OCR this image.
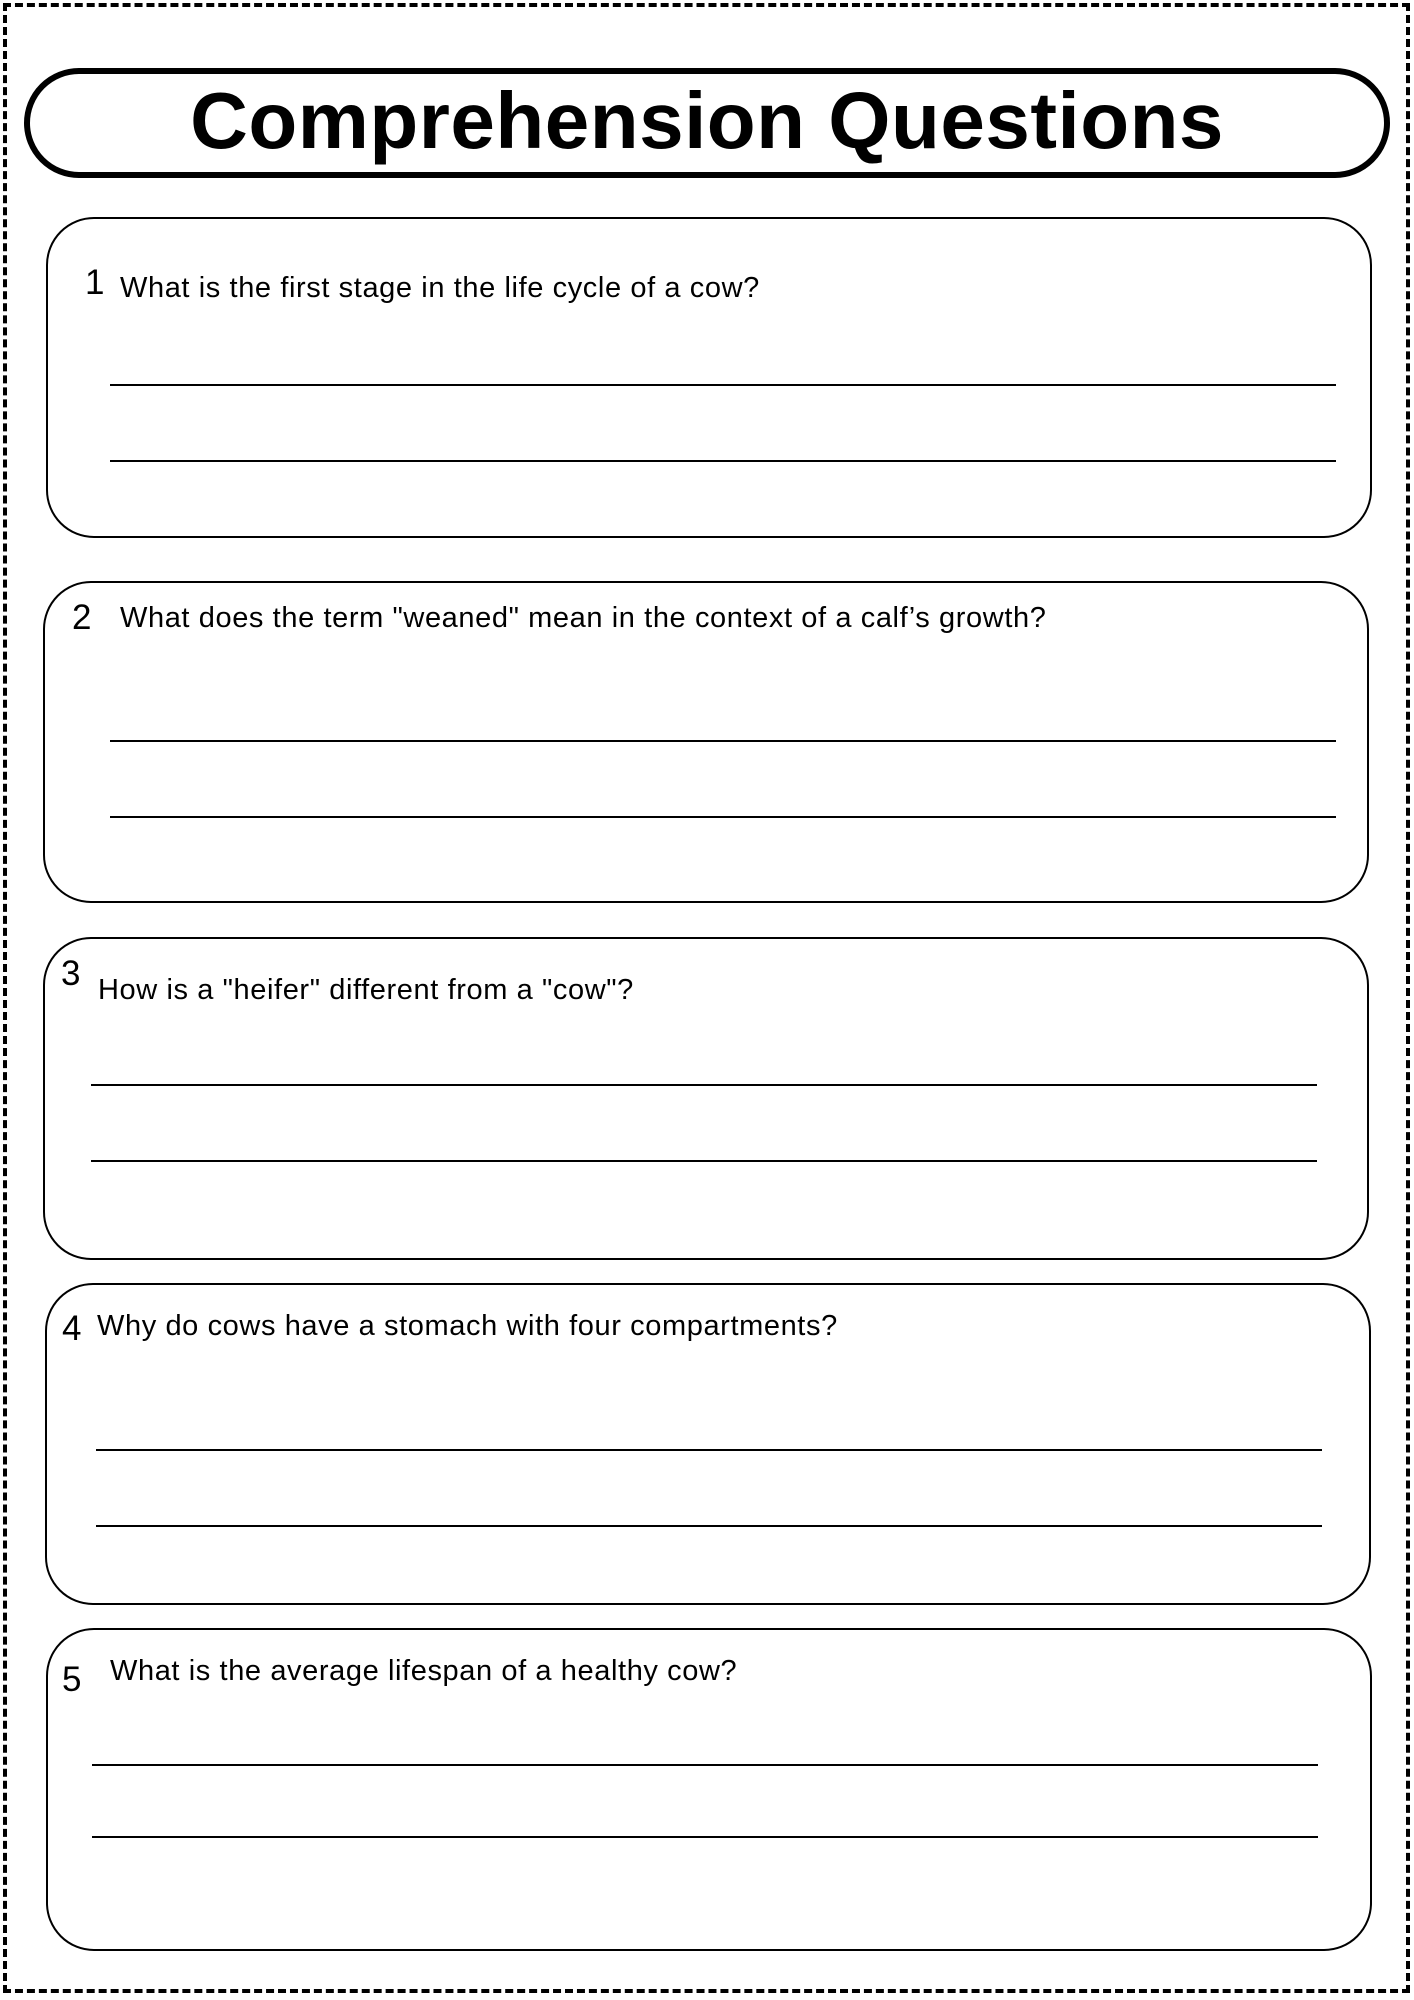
Comprehension Questions
1 What is the first stage in the life cycle of a cow?
2 What does the term "weaned" mean in the context of a calf’s growth?
3 How is a "heifer" different from a "cow"?
4 Why do cows have a stomach with four compartments?
5 What is the average lifespan of a healthy cow?
